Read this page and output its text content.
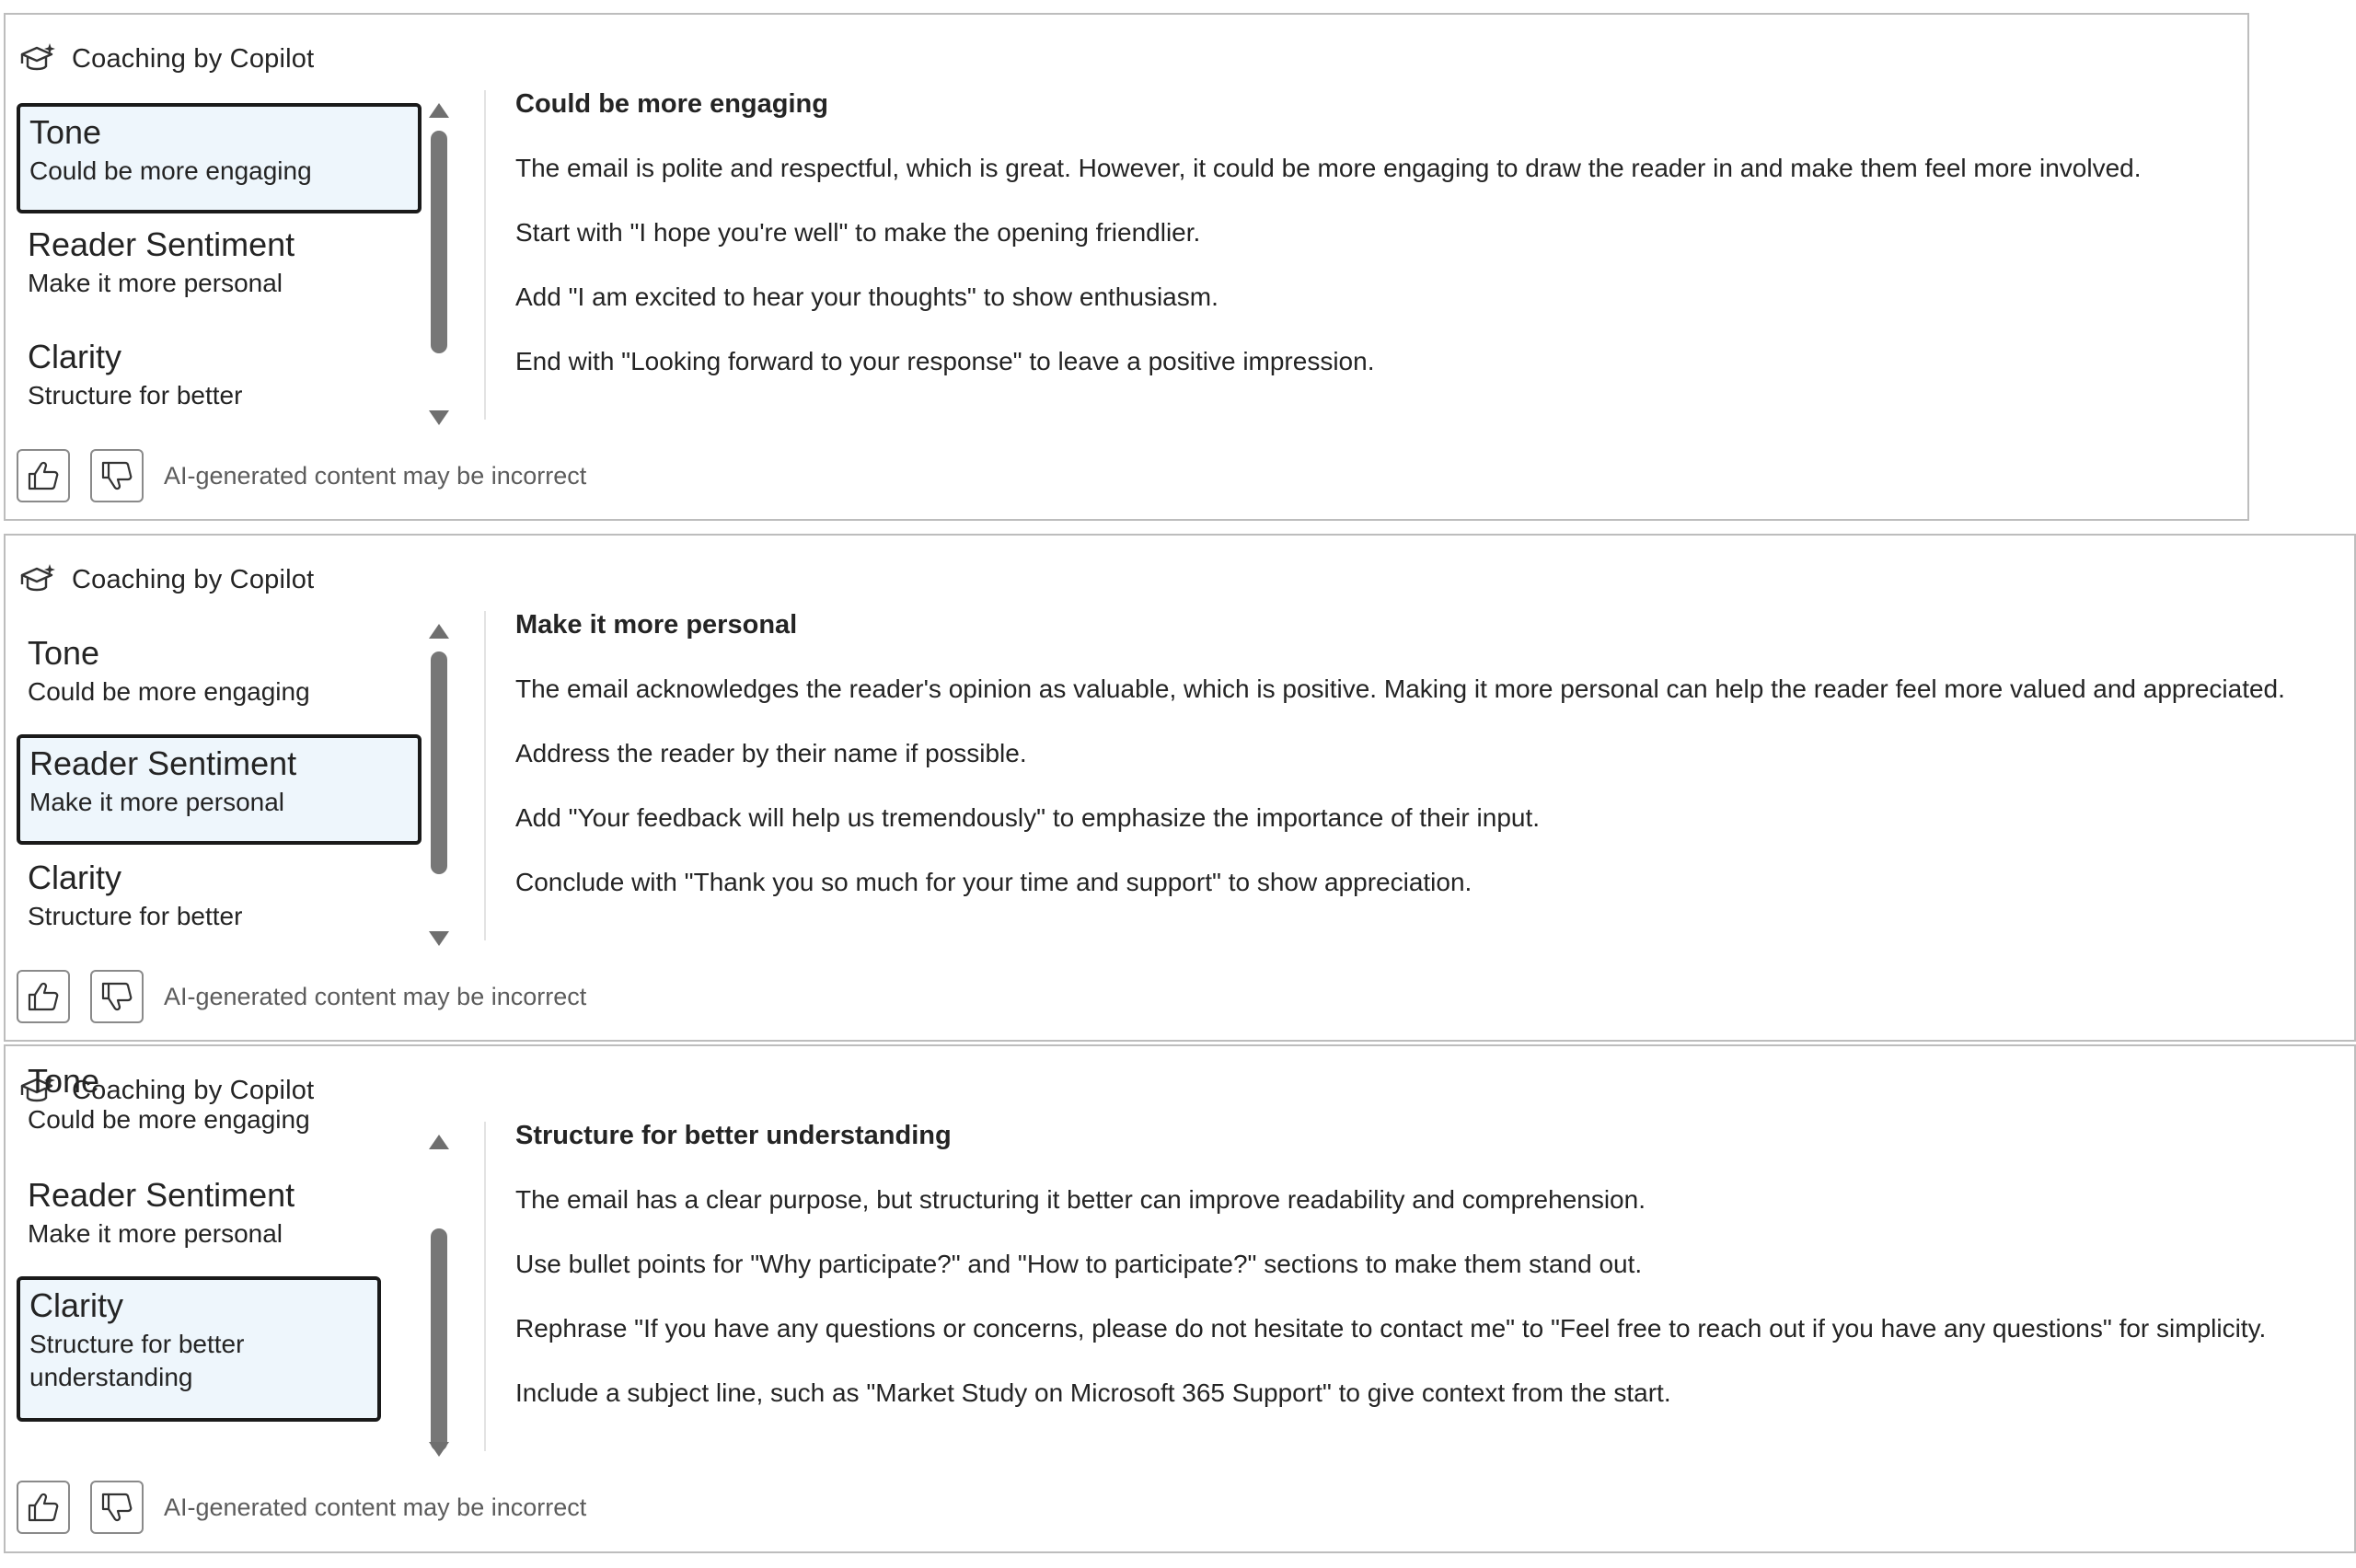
Coaching by Copilot
Tone
Could be more engaging
Reader Sentiment
Make it more personal
Clarity
Structure for better

Could be more engaging

The email is polite and respectful, which is great. However, it could be more engaging to draw the reader in and make them feel more involved.

Start with "I hope you're well" to make the opening friendlier.

Add "I am excited to hear your thoughts" to show enthusiasm.

End with "Looking forward to your response" to leave a positive impression.

AI-generated content may be incorrect
Coaching by Copilot
Tone
Could be more engaging
Reader Sentiment
Make it more personal
Clarity
Structure for better

Make it more personal

The email acknowledges the reader's opinion as valuable, which is positive. Making it more personal can help the reader feel more valued and appreciated.

Address the reader by their name if possible.

Add "Your feedback will help us tremendously" to emphasize the importance of their input.

Conclude with "Thank you so much for your time and support" to show appreciation.

AI-generated content may be incorrect
Coaching by Copilot
Tone
Could be more engaging
Reader Sentiment
Make it more personal
Clarity
Structure for better understanding

Structure for better understanding

The email has a clear purpose, but structuring it better can improve readability and comprehension.

Use bullet points for "Why participate?" and "How to participate?" sections to make them stand out.

Rephrase "If you have any questions or concerns, please do not hesitate to contact me" to "Feel free to reach out if you have any questions" for simplicity.

Include a subject line, such as "Market Study on Microsoft 365 Support" to give context from the start.

AI-generated content may be incorrect
